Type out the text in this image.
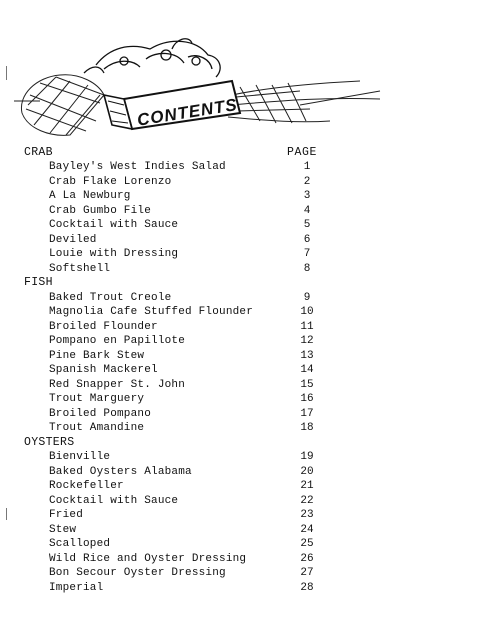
CONTENTS
CRAB	PAGE
Bayley's West Indies Salad	1
Crab Flake Lorenzo	2
A La Newburg	3
Crab Gumbo File	4
Cocktail with Sauce	5
Deviled	6
Louie with Dressing	7
Softshell	8
FISH
Baked Trout Creole	9
Magnolia Cafe Stuffed Flounder	10
Broiled Flounder	11
Pompano en Papillote	12
Pine Bark Stew	13
Spanish Mackerel	14
Red Snapper St. John	15
Trout Marguery	16
Broiled Pompano	17
Trout Amandine	18
OYSTERS
Bienville	19
Baked Oysters Alabama	20
Rockefeller	21
Cocktail with Sauce	22
Fried	23
Stew	24
Scalloped	25
Wild Rice and Oyster Dressing	26
Bon Secour Oyster Dressing	27
Imperial	28
